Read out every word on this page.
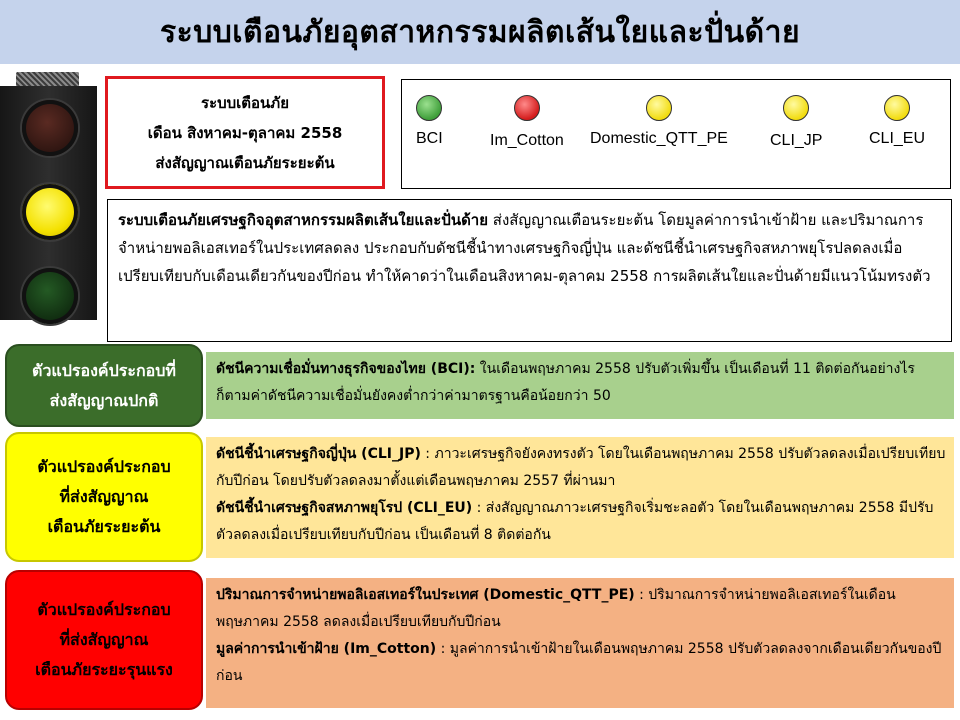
ระบบเตือนภัยอุตสาหกรรมผลิตเส้นใยและปั่นด้าย
ระบบเตือนภัย
เดือน สิงหาคม-ตุลาคม 2558
ส่งสัญญาณเตือนภัยระยะต้น
BCI	Im_Cotton Domestic_QTT_PE	CLI_JP	CLI_EU
ระบบเตือนภัยเศรษฐกิจอุตสาหกรรมผลิตเส้นใยและปั่นด้าย ส่งสัญญาณเตือนระยะต้น โดยมูลค่าการนำเข้าฝ้าย และปริมาณการจำหน่ายพอลิเอสเทอร์ในประเทศลดลง ประกอบกับดัชนีชี้นำทางเศรษฐกิจญี่ปุ่น และดัชนีชี้นำเศรษฐกิจสหภาพยุโรปลดลงเมื่อเปรียบเทียบกับเดือนเดียวกันของปีก่อน ทำให้คาดว่าในเดือนสิงหาคม-ตุลาคม 2558 การผลิตเส้นใยและปั่นด้ายมีแนวโน้มทรงตัว
ตัวแปรองค์ประกอบที่
ส่งสัญญาณปกติ
ดัชนีความเชื่อมั่นทางธุรกิจของไทย (BCI): ในเดือนพฤษภาคม 2558 ปรับตัวเพิ่มขึ้น เป็นเดือนที่ 11 ติดต่อกันอย่างไรก็ตามค่าดัชนีความเชื่อมั่นยังคงต่ำกว่าค่ามาตรฐานคือน้อยกว่า 50
ตัวแปรองค์ประกอบ
ที่ส่งสัญญาณ
เตือนภัยระยะต้น
ดัชนีชี้นำเศรษฐกิจญี่ปุ่น (CLI_JP) : ภาวะเศรษฐกิจยังคงทรงตัว โดยในเดือนพฤษภาคม 2558 ปรับตัวลดลงเมื่อเปรียบเทียบกับปีก่อน โดยปรับตัวลดลงมาตั้งแต่เดือนพฤษภาคม 2557 ที่ผ่านมา
ดัชนีชี้นำเศรษฐกิจสหภาพยุโรป (CLI_EU) : ส่งสัญญาณภาวะเศรษฐกิจเริ่มชะลอตัว โดยในเดือนพฤษภาคม 2558 มีปรับตัวลดลงเมื่อเปรียบเทียบกับปีก่อน เป็นเดือนที่ 8 ติดต่อกัน
ตัวแปรองค์ประกอบ
ที่ส่งสัญญาณ
เตือนภัยระยะรุนแรง
ปริมาณการจำหน่ายพอลิเอสเทอร์ในประเทศ (Domestic_QTT_PE) : ปริมาณการจำหน่ายพอลิเอสเทอร์ในเดือนพฤษภาคม 2558 ลดลงเมื่อเปรียบเทียบกับปีก่อน
มูลค่าการนำเข้าฝ้าย (Im_Cotton) : มูลค่าการนำเข้าฝ้ายในเดือนพฤษภาคม 2558 ปรับตัวลดลงจากเดือนเดียวกันของปีก่อน
